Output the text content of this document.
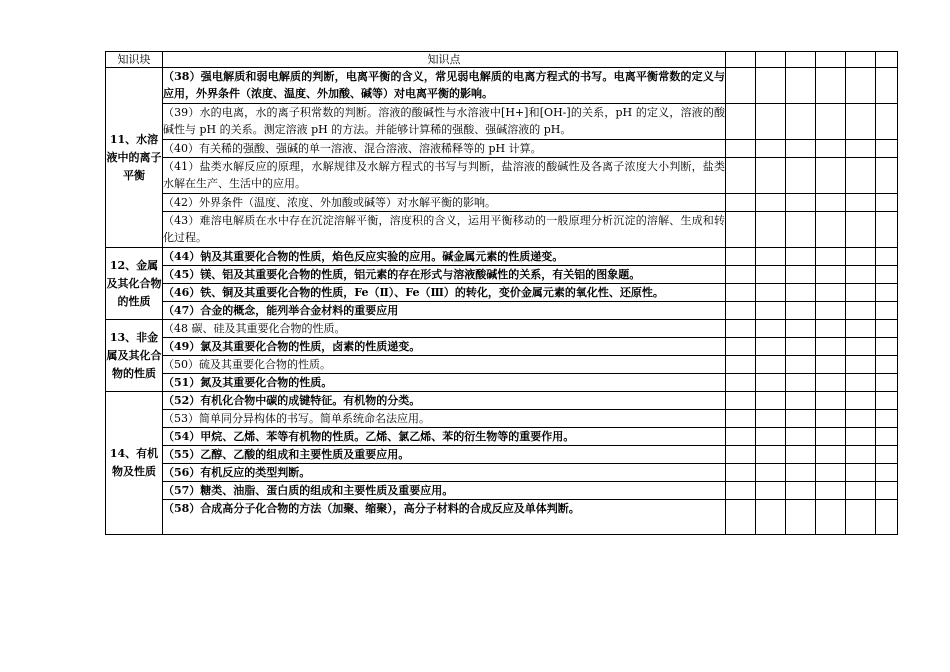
知识块	知识点						
11、水溶液中的离子平衡	（38）强电解质和弱电解质的判断，电离平衡的含义，常见弱电解质的电离方程式的书写。电离平衡常数的定义与应用，外界条件（浓度、温度、外加酸、碱等）对电离平衡的影响。						
	（39）水的电离，水的离子积常数的判断。溶液的酸碱性与水溶液中[H+]和[OH-]的关系，pH 的定义，溶液的酸碱性与 pH 的关系。测定溶液 pH 的方法。并能够计算稀的强酸、强碱溶液的 pH。						
	（40）有关稀的强酸、强碱的单一溶液、混合溶液、溶液稀释等的 pH 计算。						
	（41）盐类水解反应的原理，水解规律及水解方程式的书写与判断，盐溶液的酸碱性及各离子浓度大小判断，盐类水解在生产、生活中的应用。						
	（42）外界条件（温度、浓度、外加酸或碱等）对水解平衡的影响。						
	（43）难溶电解质在水中存在沉淀溶解平衡，溶度积的含义，运用平衡移动的一般原理分析沉淀的溶解、生成和转化过程。						
12、金属及其化合物的性质	（44）钠及其重要化合物的性质，焰色反应实验的应用。碱金属元素的性质递变。						
	（45）镁、铝及其重要化合物的性质，铝元素的存在形式与溶液酸碱性的关系，有关铝的图象题。						
	（46）铁、铜及其重要化合物的性质，Fe（Ⅱ）、Fe（Ⅲ）的转化，变价金属元素的氧化性、还原性。						
	（47）合金的概念，能列举合金材料的重要应用						
13、非金属及其化合物的性质	（48 碳、硅及其重要化合物的性质。						
	（49）氯及其重要化合物的性质，卤素的性质递变。						
	（50）硫及其重要化合物的性质。						
	（51）氮及其重要化合物的性质。						
14、有机物及性质	（52）有机化合物中碳的成键特征。有机物的分类。						
	（53）简单同分异构体的书写。简单系统命名法应用。						
	（54）甲烷、乙烯、苯等有机物的性质。乙烯、氯乙烯、苯的衍生物等的重要作用。						
	（55）乙醇、乙酸的组成和主要性质及重要应用。						
	（56）有机反应的类型判断。						
	（57）糖类、油脂、蛋白质的组成和主要性质及重要应用。						
	（58）合成高分子化合物的方法（加聚、缩聚），高分子材料的合成反应及单体判断。						
